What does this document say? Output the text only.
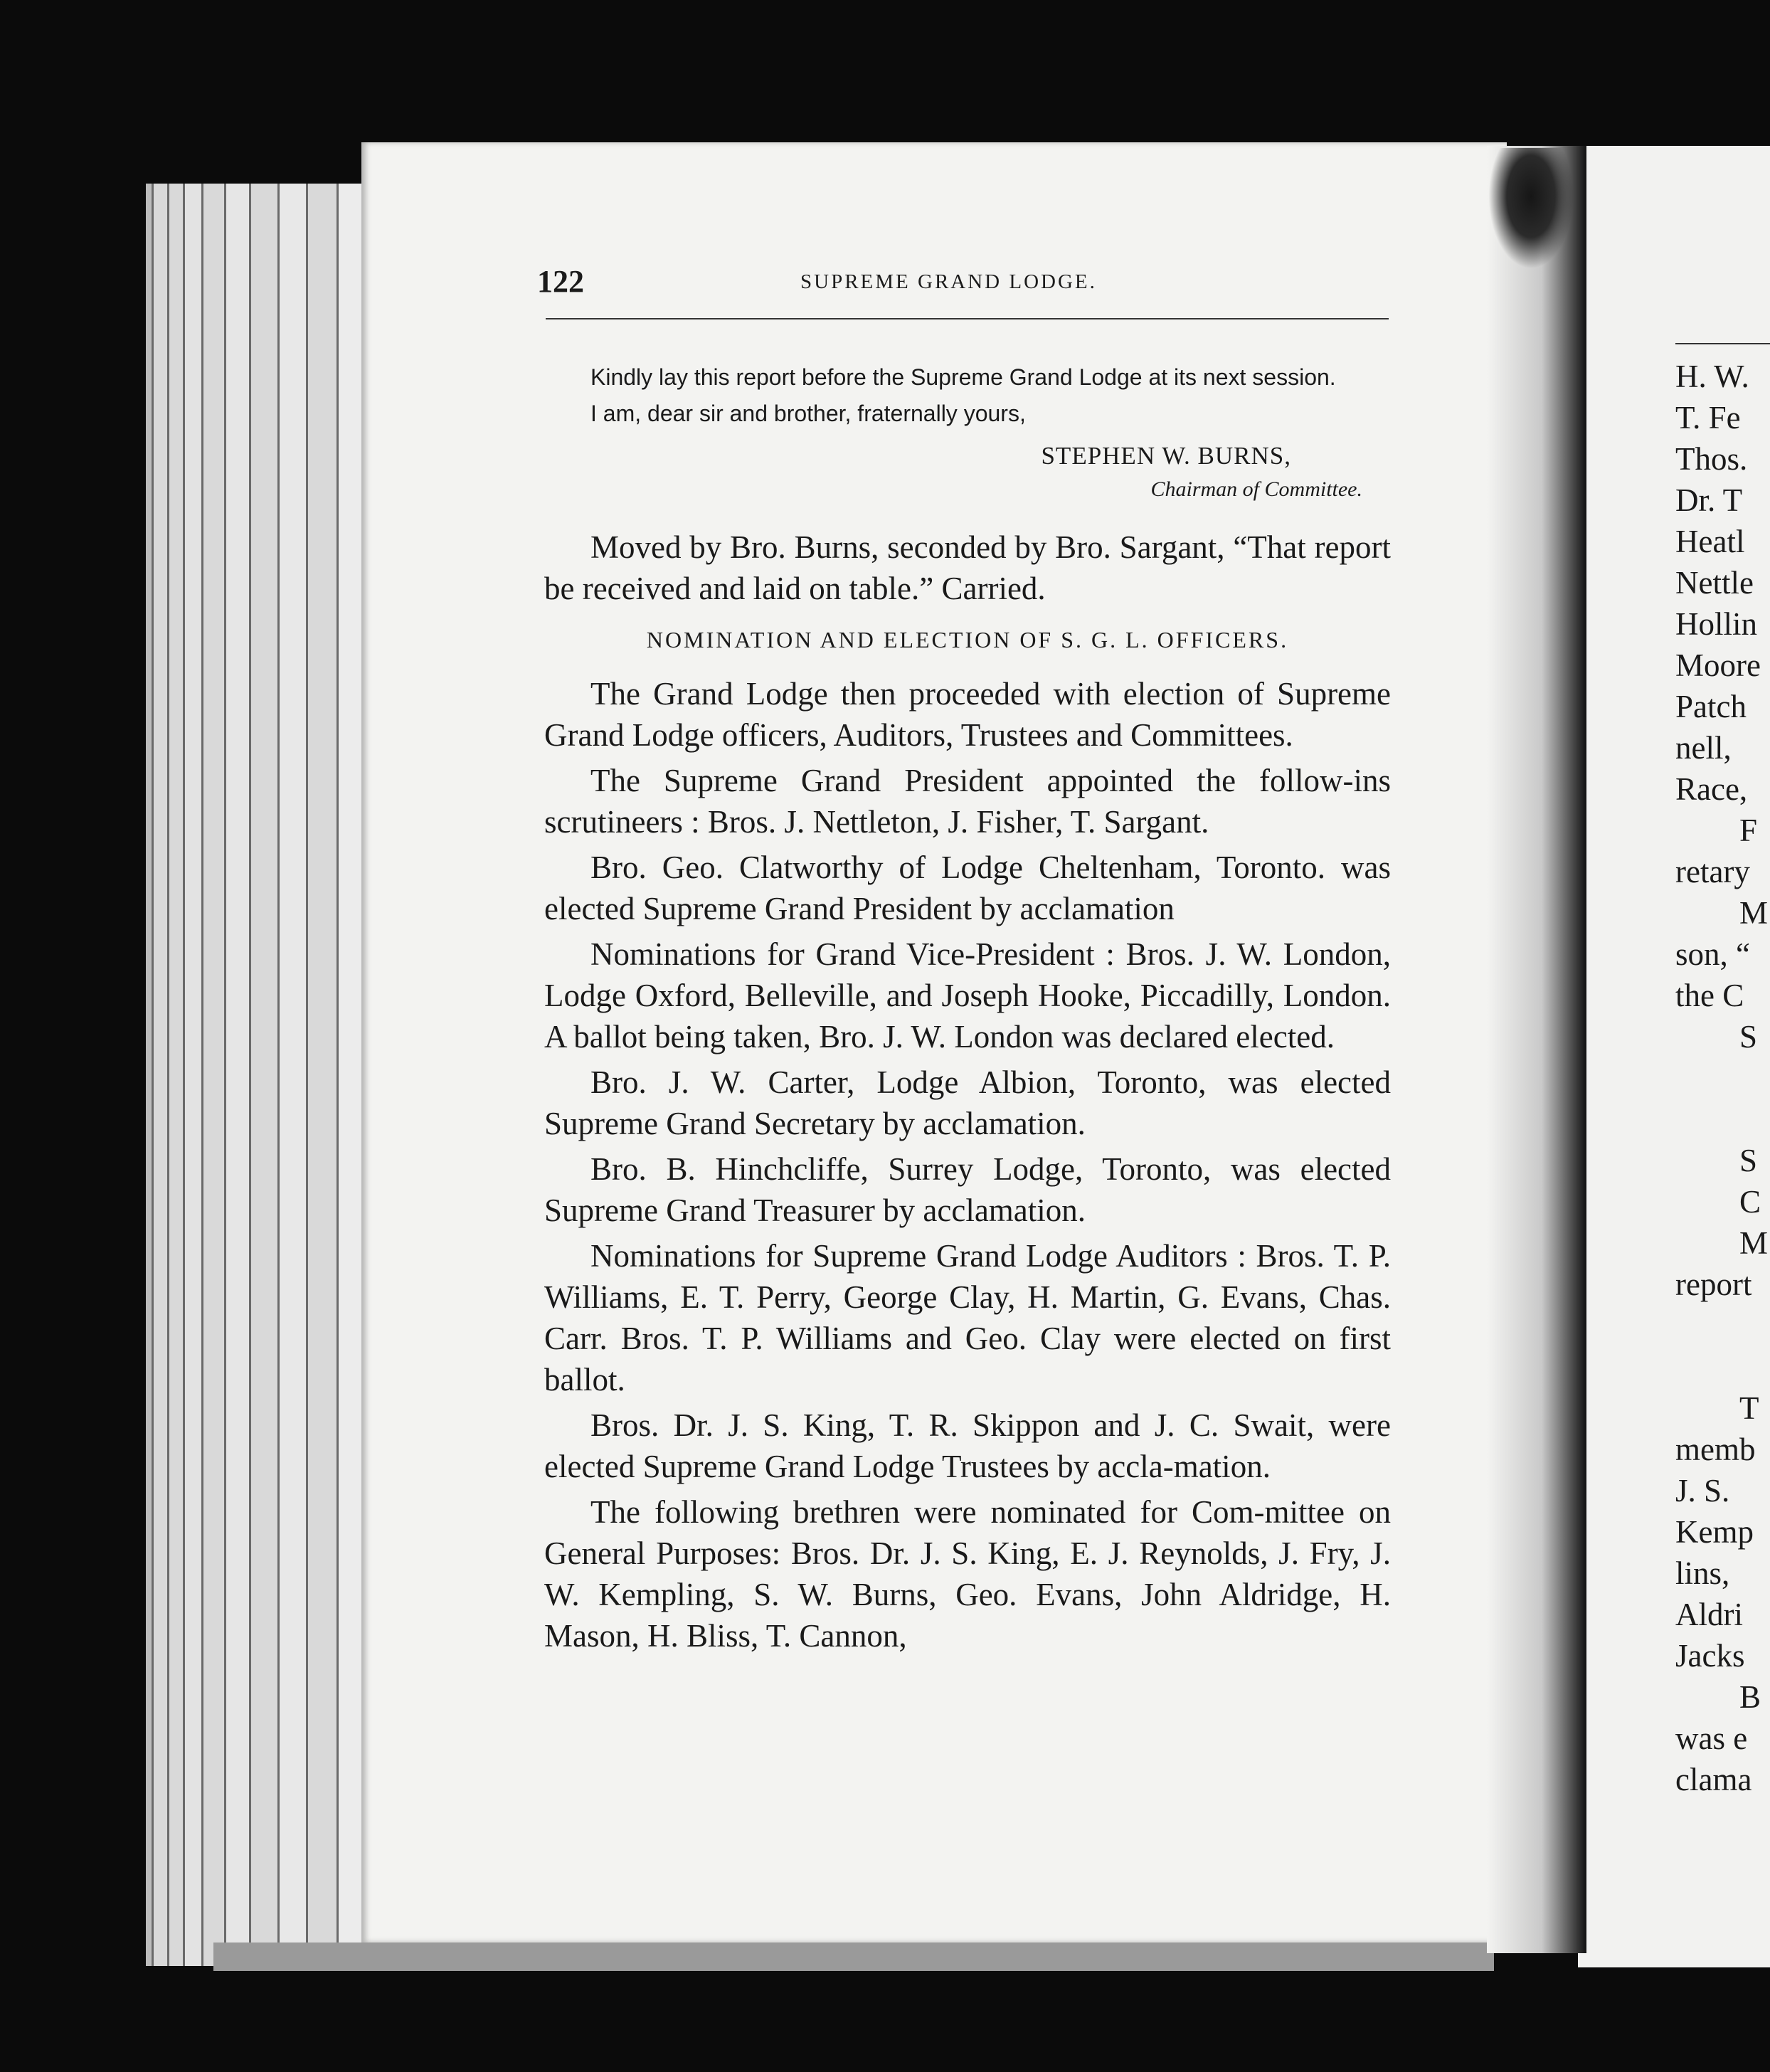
122	SUPREME GRAND LODGE.

Kindly lay this report before the Supreme Grand Lodge at its next session.

I am, dear sir and brother, fraternally yours,

STEPHEN W. BURNS,

Chairman of Committee.

Moved by Bro. Burns, seconded by Bro. Sargant, “That report be received and laid on table.” Carried.

NOMINATION AND ELECTION OF S. G. L. OFFICERS.

The Grand Lodge then proceeded with election of Supreme Grand Lodge officers, Auditors, Trustees and Committees.

The Supreme Grand President appointed the follow-ins scrutineers : Bros. J. Nettleton, J. Fisher, T. Sargant.

Bro. Geo. Clatworthy of Lodge Cheltenham, Toronto. was elected Supreme Grand President by acclamation

Nominations for Grand Vice-President : Bros. J. W. London, Lodge Oxford, Belleville, and Joseph Hooke, Piccadilly, London. A ballot being taken, Bro. J. W. London was declared elected.

Bro. J. W. Carter, Lodge Albion, Toronto, was elected Supreme Grand Secretary by acclamation.

Bro. B. Hinchcliffe, Surrey Lodge, Toronto, was elected Supreme Grand Treasurer by acclamation.

Nominations for Supreme Grand Lodge Auditors : Bros. T. P. Williams, E. T. Perry, George Clay, H. Martin, G. Evans, Chas. Carr. Bros. T. P. Williams and Geo. Clay were elected on first ballot.

Bros. Dr. J. S. King, T. R. Skippon and J. C. Swait, were elected Supreme Grand Lodge Trustees by accla-mation.

The following brethren were nominated for Com-mittee on General Purposes: Bros. Dr. J. S. King, E. J. Reynolds, J. Fry, J. W. Kempling, S. W. Burns, Geo. Evans, John Aldridge, H. Mason, H. Bliss, T. Cannon,

H. W.
T. Fe
Thos.
Dr. T
Heatl
Nettle
Hollin
Moore
Patch
nell,
Race,
F
retary
M
son, “
the C
S
S
C
M
report
T
memb
J. S.
Kemp
lins,
Aldri
Jacks
B
was e
clama
